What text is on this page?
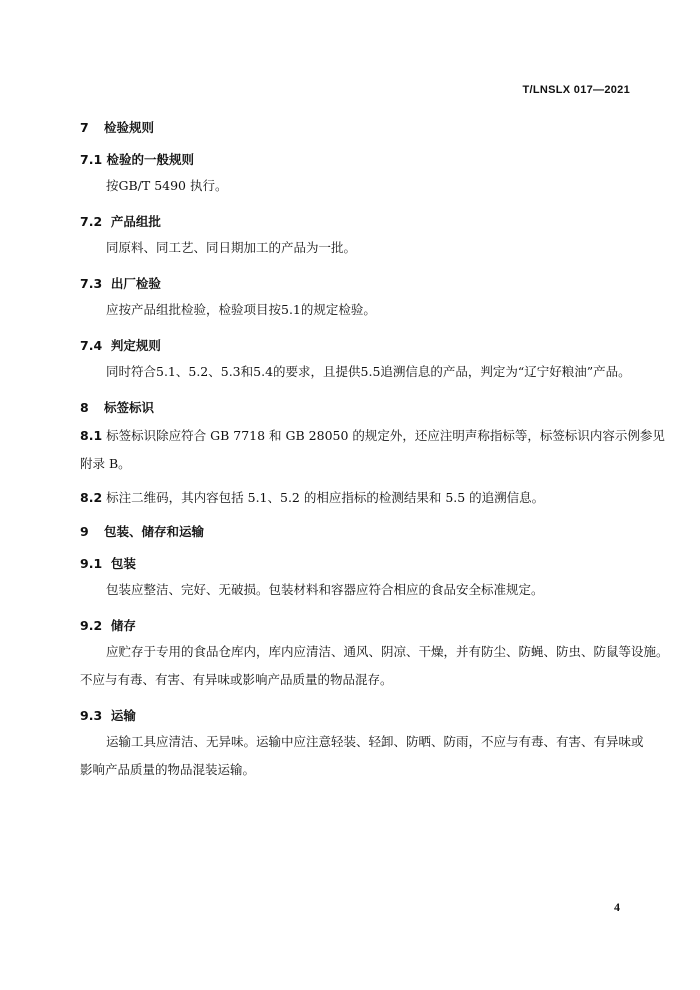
T/LNSLX 017—2021
7 检验规则
7.1 检验的一般规则
按GB/T 5490 执行。
7.2 产品组批
同原料、同工艺、同日期加工的产品为一批。
7.3 出厂检验
应按产品组批检验，检验项目按5.1的规定检验。
7.4 判定规则
同时符合5.1、5.2、5.3和5.4的要求，且提供5.5追溯信息的产品，判定为“辽宁好粮油”产品。
8 标签标识
8.1 标签标识除应符合 GB 7718 和 GB 28050 的规定外，还应注明声称指标等，标签标识内容示例参见
附录 B。
8.2 标注二维码，其内容包括 5.1、5.2 的相应指标的检测结果和 5.5 的追溯信息。
9 包装、储存和运输
9.1 包装
包装应整洁、完好、无破损。包装材料和容器应符合相应的食品安全标准规定。
9.2 储存
应贮存于专用的食品仓库内，库内应清洁、通风、阴凉、干燥，并有防尘、防蝇、防虫、防鼠等设施。
不应与有毒、有害、有异味或影响产品质量的物品混存。
9.3 运输
运输工具应清洁、无异味。运输中应注意轻装、轻卸、防晒、防雨，不应与有毒、有害、有异味或
影响产品质量的物品混装运输。
4
